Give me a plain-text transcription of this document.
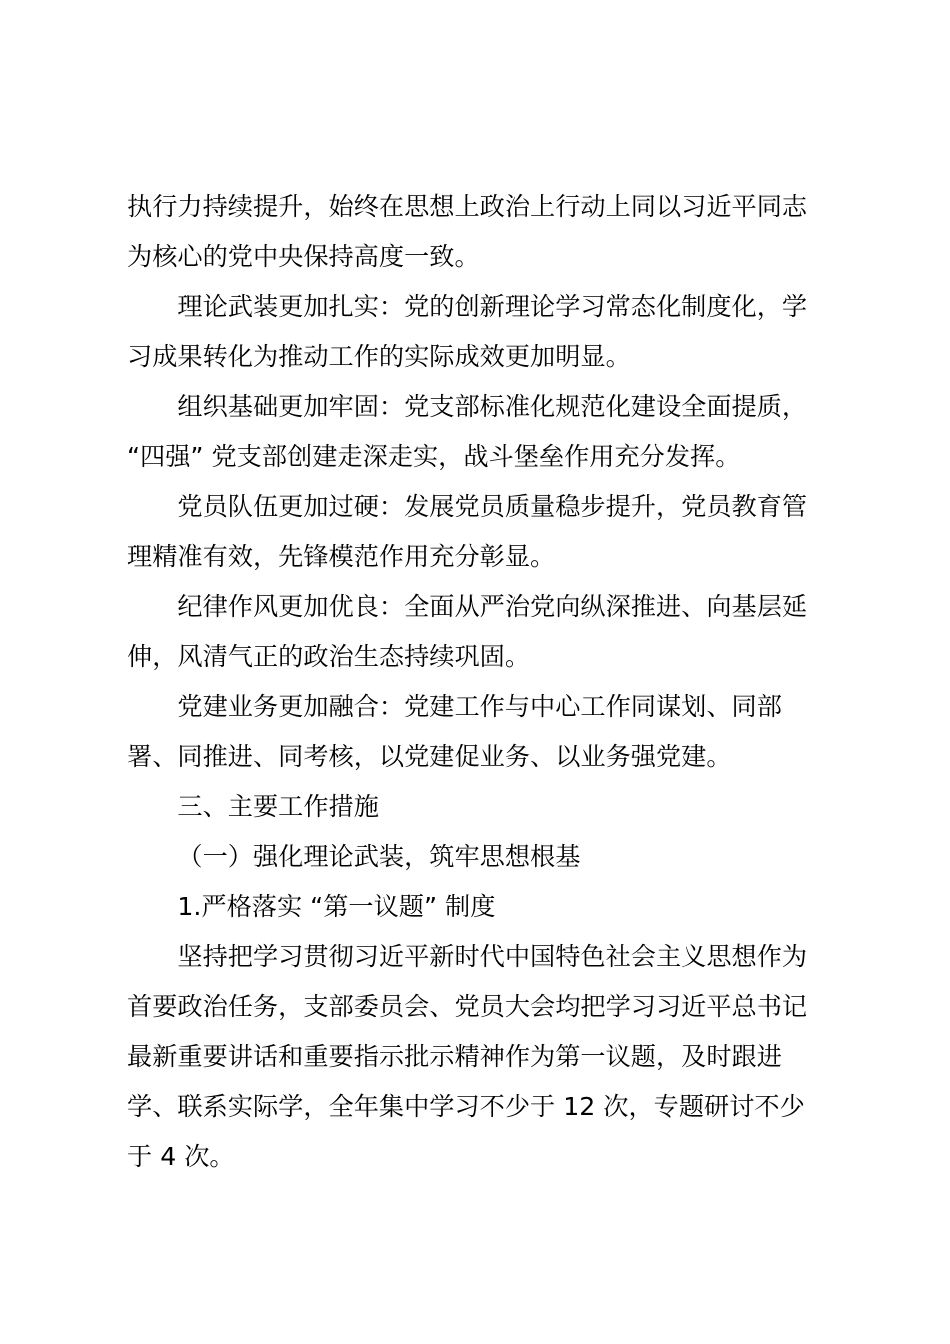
执行力持续提升，始终在思想上政治上行动上同以习近平同志
为核心的党中央保持高度一致。
理论武装更加扎实：党的创新理论学习常态化制度化，学
习成果转化为推动工作的实际成效更加明显。
组织基础更加牢固：党支部标准化规范化建设全面提质，
“四强” 党支部创建走深走实，战斗堡垒作用充分发挥。
党员队伍更加过硬：发展党员质量稳步提升，党员教育管
理精准有效，先锋模范作用充分彰显。
纪律作风更加优良：全面从严治党向纵深推进、向基层延
伸，风清气正的政治生态持续巩固。
党建业务更加融合：党建工作与中心工作同谋划、同部
署、同推进、同考核，以党建促业务、以业务强党建。
三、主要工作措施
（一）强化理论武装，筑牢思想根基
1.严格落实 “第一议题” 制度
坚持把学习贯彻习近平新时代中国特色社会主义思想作为
首要政治任务，支部委员会、党员大会均把学习习近平总书记
最新重要讲话和重要指示批示精神作为第一议题，及时跟进
学、联系实际学，全年集中学习不少于 12 次，专题研讨不少
于 4 次。
